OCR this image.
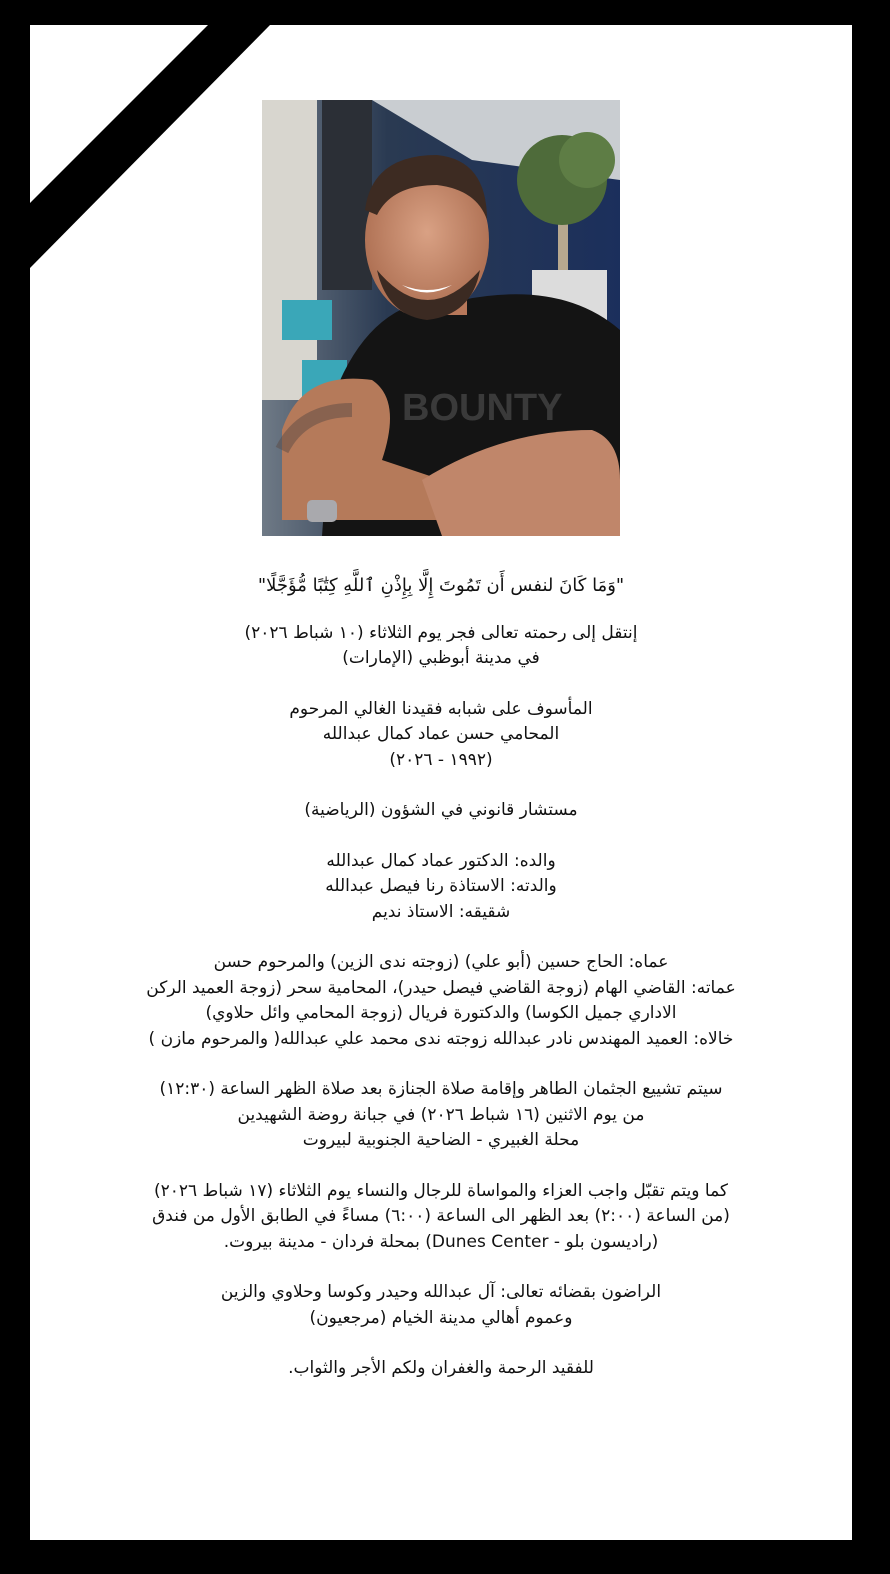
BOUNTY

"وَمَا كَانَ لنفس أَن تَمُوتَ إِلَّا بِإِذْنِ ٱللَّهِ كِتَٰبًا مُّؤَجَّلًا"

إنتقل إلى رحمته تعالى فجر يوم الثلاثاء (١٠ شباط ٢٠٢٦)
في مدينة أبوظبي (الإمارات)

المأسوف على شبابه فقيدنا الغالي المرحوم
المحامي حسن عماد كمال عبدالله
(١٩٩٢ - ٢٠٢٦)

مستشار قانوني في الشؤون (الرياضية)

والده: الدكتور عماد كمال عبدالله
والدته: الاستاذة رنا فيصل عبدالله
شقيقه: الاستاذ نديم

عماه: الحاج حسين (أبو علي) (زوجته ندى الزين) والمرحوم حسن
عماته: القاضي الهام (زوجة القاضي فيصل حيدر)، المحامية سحر (زوجة العميد الركن
الاداري جميل الكوسا) والدكتورة فريال (زوجة المحامي وائل حلاوي)
خالاه: العميد المهندس نادر عبدالله زوجته ندى محمد علي عبدالله( والمرحوم مازن )

سيتم تشييع الجثمان الطاهر وإقامة صلاة الجنازة بعد صلاة الظهر الساعة (١٢:٣٠)
من يوم الاثنين (١٦ شباط ٢٠٢٦) في جبانة روضة الشهيدين
محلة الغبيري - الضاحية الجنوبية لبيروت

كما ويتم تقبّل واجب العزاء والمواساة للرجال والنساء يوم الثلاثاء (١٧ شباط ٢٠٢٦)
(من الساعة (٢:٠٠) بعد الظهر الى الساعة (٦:٠٠) مساءً في الطابق الأول من فندق
(راديسون بلو - Dunes Center) بمحلة فردان - مدينة بيروت.

الراضون بقضائه تعالى: آل عبدالله وحيدر وكوسا وحلاوي والزين
وعموم أهالي مدينة الخيام (مرجعيون)

للفقيد الرحمة والغفران ولكم الأجر والثواب.
